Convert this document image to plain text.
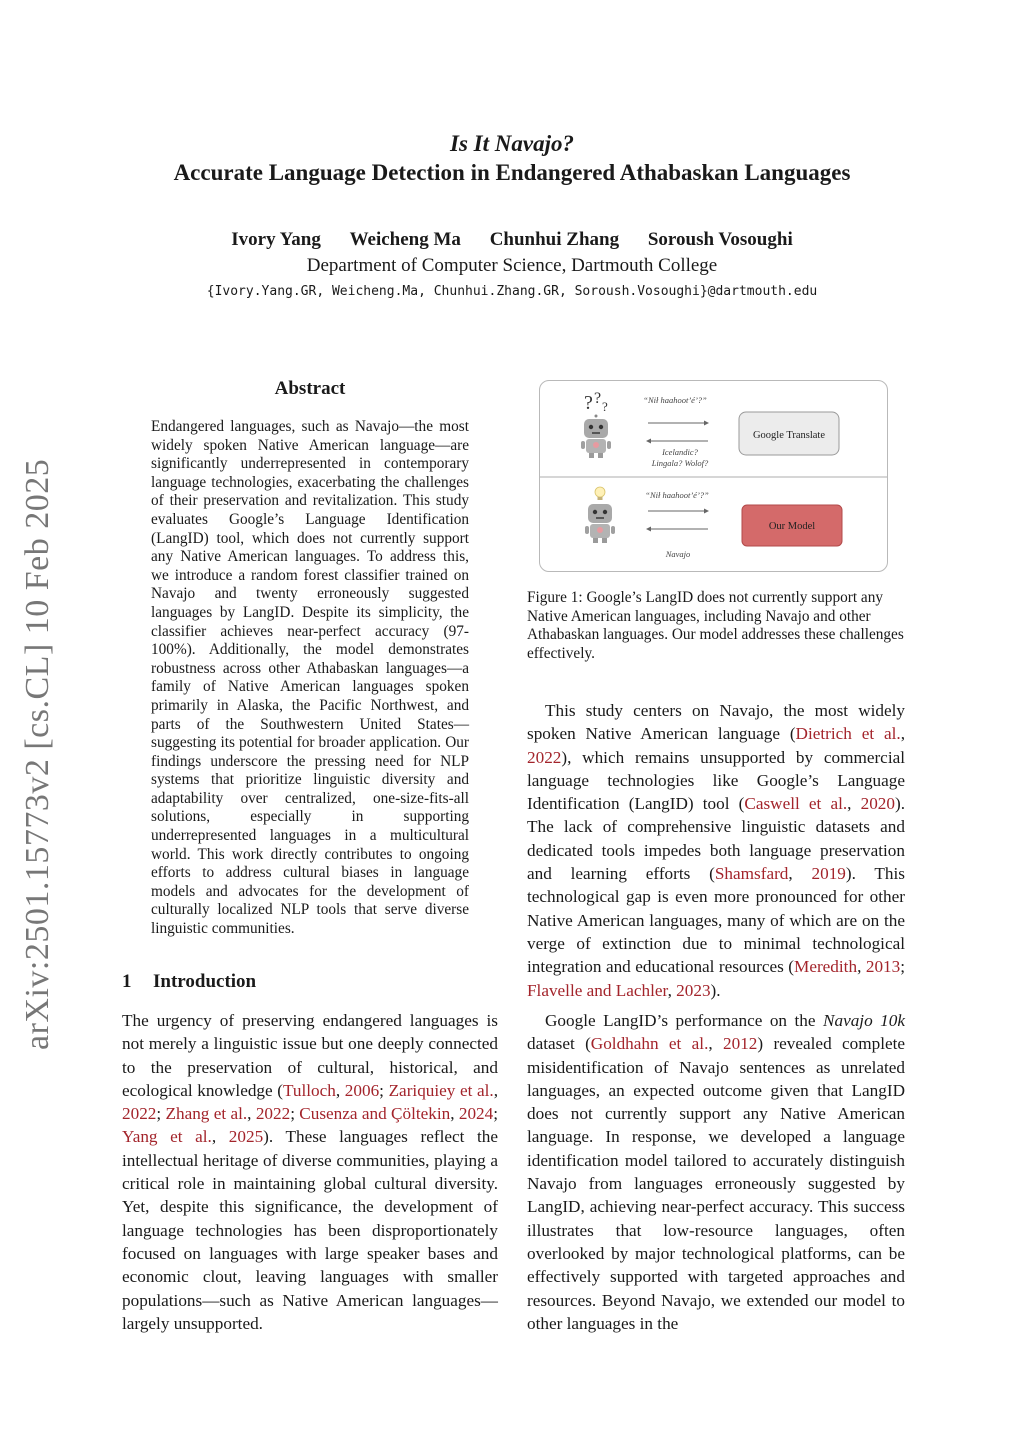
Is It Navajo?
Accurate Language Detection in Endangered Athabaskan Languages
Ivory Yang Weicheng Ma Chunhui Zhang Soroush Vosoughi
Department of Computer Science, Dartmouth College
{Ivory.Yang.GR, Weicheng.Ma, Chunhui.Zhang.GR, Soroush.Vosoughi}@dartmouth.edu
arXiv:2501.15773v2 [cs.CL] 10 Feb 2025
Abstract
Endangered languages, such as Navajo—the most widely spoken Native American language—are significantly underrepresented in contemporary language technologies, exacerbating the challenges of their preservation and revitalization. This study evaluates Google’s Language Identification (LangID) tool, which does not currently support any Native American languages. To address this, we introduce a random forest classifier trained on Navajo and twenty erroneously suggested languages by LangID. Despite its simplicity, the classifier achieves near-perfect accuracy (97-100%). Additionally, the model demonstrates robustness across other Athabaskan languages—a family of Native American languages spoken primarily in Alaska, the Pacific Northwest, and parts of the Southwestern United States—suggesting its potential for broader application. Our findings underscore the pressing need for NLP systems that prioritize linguistic diversity and adaptability over centralized, one-size-fits-all solutions, especially in supporting underrepresented languages in a multicultural world. This work directly contributes to ongoing efforts to address cultural biases in language models and advocates for the development of culturally localized NLP tools that serve diverse linguistic communities.
1 Introduction
The urgency of preserving endangered languages is not merely a linguistic issue but one deeply connected to the preservation of cultural, historical, and ecological knowledge (Tulloch, 2006; Zariquiey et al., 2022; Zhang et al., 2022; Cusenza and Çöltekin, 2024; Yang et al., 2025). These languages reflect the intellectual heritage of diverse communities, playing a critical role in maintaining global cultural diversity. Yet, despite this significance, the development of language technologies has been disproportionately focused on languages with large speaker bases and economic clout, leaving languages with smaller populations—such as Native American languages—largely unsupported.
? ? ?	“Nił haahootʼéʼ?”
Icelandic?
Lingala? Wolof?
Google Translate
“Nił haahootʼéʼ?”
Navajo
Our Model
Figure 1: Google’s LangID does not currently support any Native American languages, including Navajo and other Athabaskan languages. Our model addresses these challenges effectively.
This study centers on Navajo, the most widely spoken Native American language (Dietrich et al., 2022), which remains unsupported by commercial language technologies like Google’s Language Identification (LangID) tool (Caswell et al., 2020). The lack of comprehensive linguistic datasets and dedicated tools impedes both language preservation and learning efforts (Shamsfard, 2019). This technological gap is even more pronounced for other Native American languages, many of which are on the verge of extinction due to minimal technological integration and educational resources (Meredith, 2013; Flavelle and Lachler, 2023).
Google LangID’s performance on the Navajo 10k dataset (Goldhahn et al., 2012) revealed complete misidentification of Navajo sentences as unrelated languages, an expected outcome given that LangID does not currently support any Native American language. In response, we developed a language identification model tailored to accurately distinguish Navajo from languages erroneously suggested by LangID, achieving near-perfect accuracy. This success illustrates that low-resource languages, often overlooked by major technological platforms, can be effectively supported with targeted approaches and resources. Beyond Navajo, we extended our model to other languages in the
